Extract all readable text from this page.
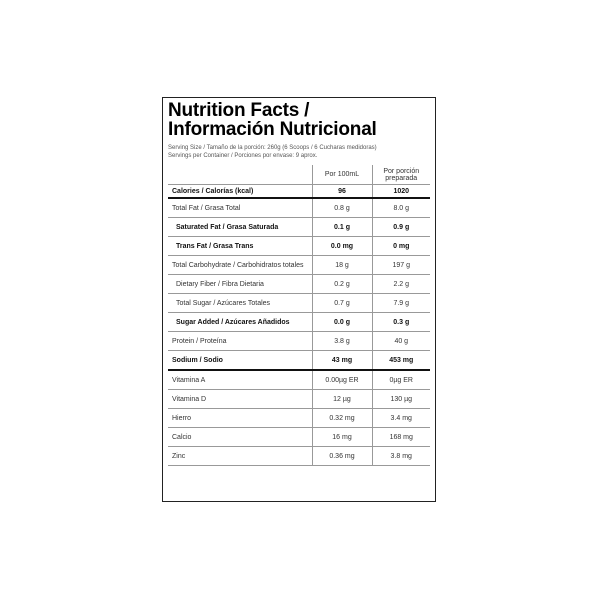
Nutrition Facts /
Información Nutricional
Serving Size / Tamaño de la porción: 260g (6 Scoops / 6 Cucharas medidoras)
Servings per Container / Porciones por envase: 9 aprox.
	Por 100mL	Por porción preparada
Calories / Calorías (kcal)	96	1020
Total Fat / Grasa Total	0.8 g	8.0 g
Saturated Fat / Grasa Saturada	0.1 g	0.9 g
Trans Fat / Grasa Trans	0.0 mg	0 mg
Total Carbohydrate / Carbohidratos totales	18 g	197 g
Dietary Fiber / Fibra Dietaria	0.2 g	2.2 g
Total Sugar / Azúcares Totales	0.7 g	7.9 g
Sugar Added / Azúcares Añadidos	0.0 g	0.3 g
Protein / Proteína	3.8 g	40 g
Sodium / Sodio	43 mg	453 mg
Vitamina A	0.00µg ER	0µg ER
Vitamina D	12 µg	130 µg
Hierro	0.32 mg	3.4 mg
Calcio	16 mg	168 mg
Zinc	0.36 mg	3.8 mg
